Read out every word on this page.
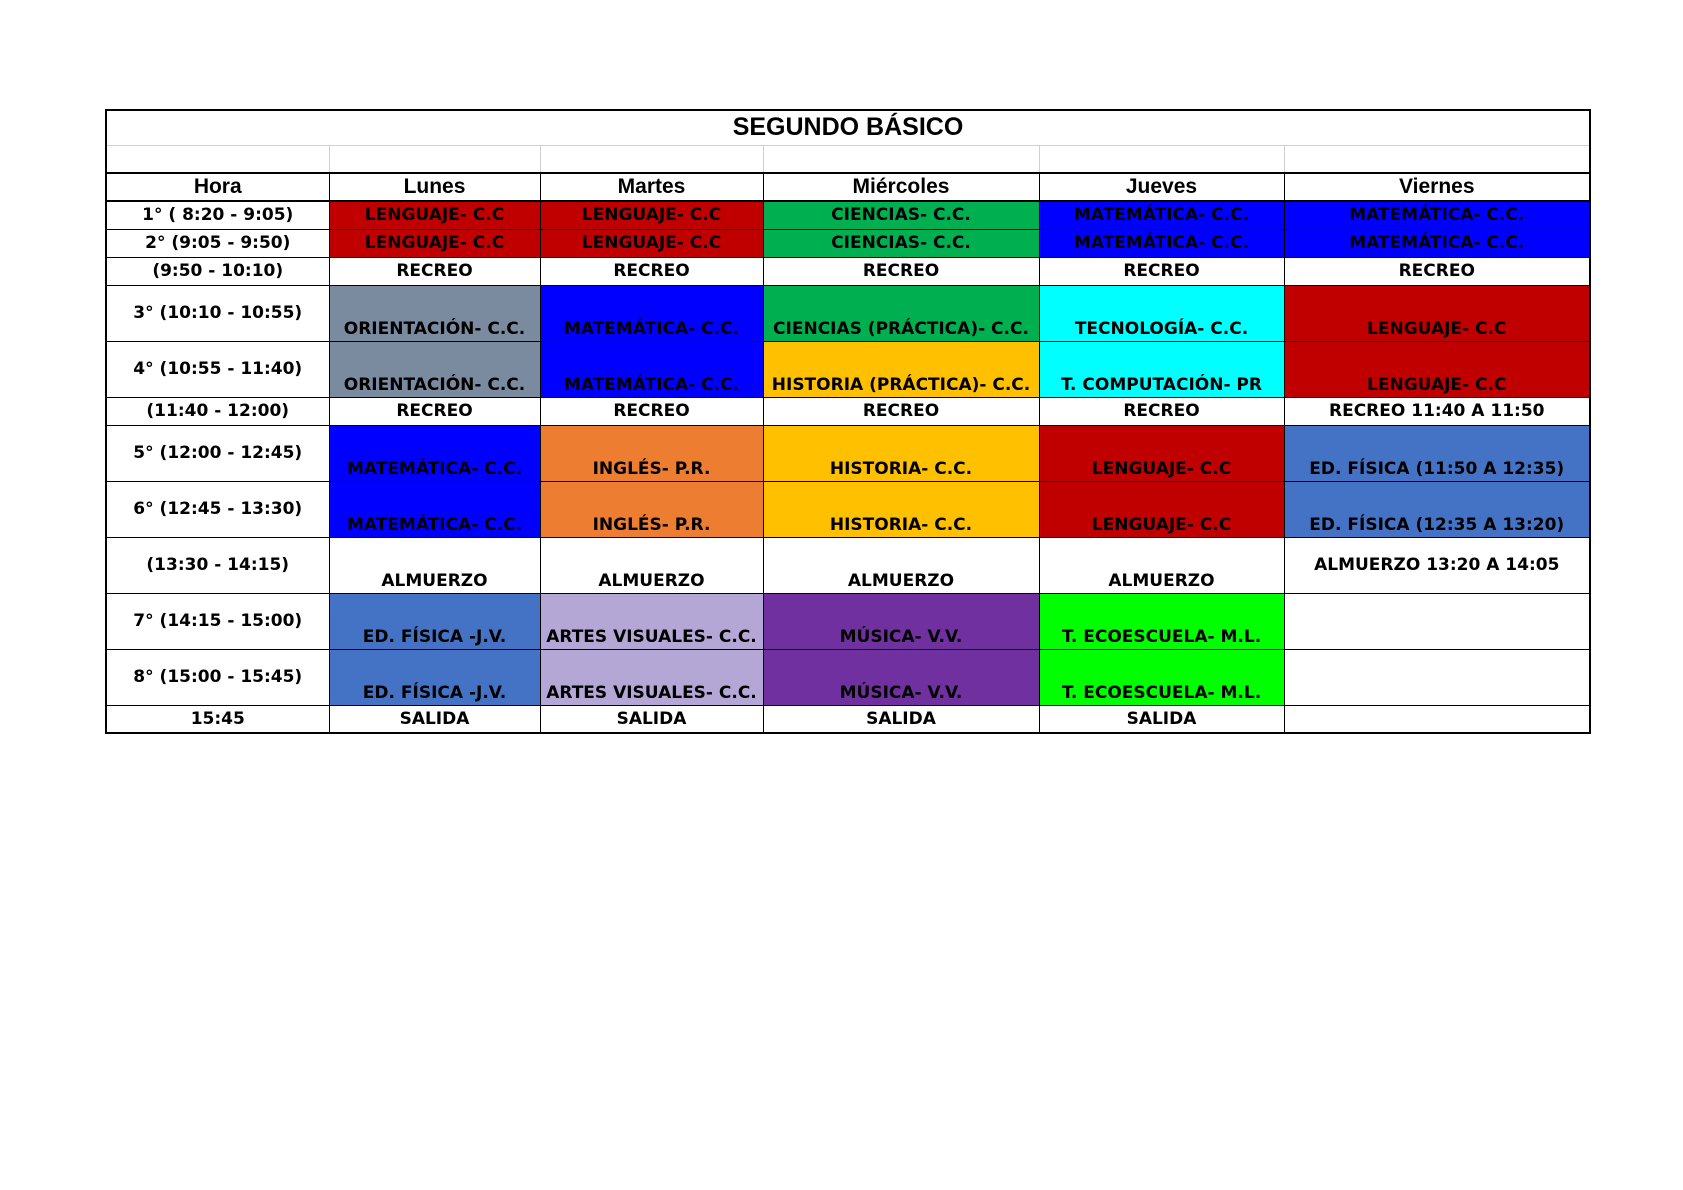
SEGUNDO BÁSICO					

Hora	Lunes	Martes	Miércoles	Jueves	Viernes
1° ( 8:20 - 9:05)	LENGUAJE- C.C	LENGUAJE- C.C	CIENCIAS- C.C.	MATEMÁTICA- C.C.	MATEMÁTICA- C.C.
2° (9:05 - 9:50)	LENGUAJE- C.C	LENGUAJE- C.C	CIENCIAS- C.C.	MATEMÁTICA- C.C.	MATEMÁTICA- C.C.
(9:50 - 10:10)	RECREO	RECREO	RECREO	RECREO	RECREO
3° (10:10 - 10:55)	ORIENTACIÓN- C.C.	MATEMÁTICA- C.C.	CIENCIAS (PRÁCTICA)- C.C.	TECNOLOGÍA- C.C.	LENGUAJE- C.C
4° (10:55 - 11:40)	ORIENTACIÓN- C.C.	MATEMÁTICA- C.C.	HISTORIA (PRÁCTICA)- C.C.	T. COMPUTACIÓN- PR	LENGUAJE- C.C
(11:40 - 12:00)	RECREO	RECREO	RECREO	RECREO	RECREO 11:40 A 11:50
5° (12:00 - 12:45)	MATEMÁTICA- C.C.	INGLÉS- P.R.	HISTORIA- C.C.	LENGUAJE- C.C	ED. FÍSICA (11:50 A 12:35)
6° (12:45 - 13:30)	MATEMÁTICA- C.C.	INGLÉS- P.R.	HISTORIA- C.C.	LENGUAJE- C.C	ED. FÍSICA (12:35 A 13:20)
(13:30 - 14:15)	ALMUERZO	ALMUERZO	ALMUERZO	ALMUERZO	ALMUERZO 13:20 A 14:05
7° (14:15 - 15:00)	ED. FÍSICA -J.V.	ARTES VISUALES- C.C.	MÚSICA- V.V.	T. ECOESCUELA- M.L.	
8° (15:00 - 15:45)	ED. FÍSICA -J.V.	ARTES VISUALES- C.C.	MÚSICA- V.V.	T. ECOESCUELA- M.L.	
15:45	SALIDA	SALIDA	SALIDA	SALIDA	
